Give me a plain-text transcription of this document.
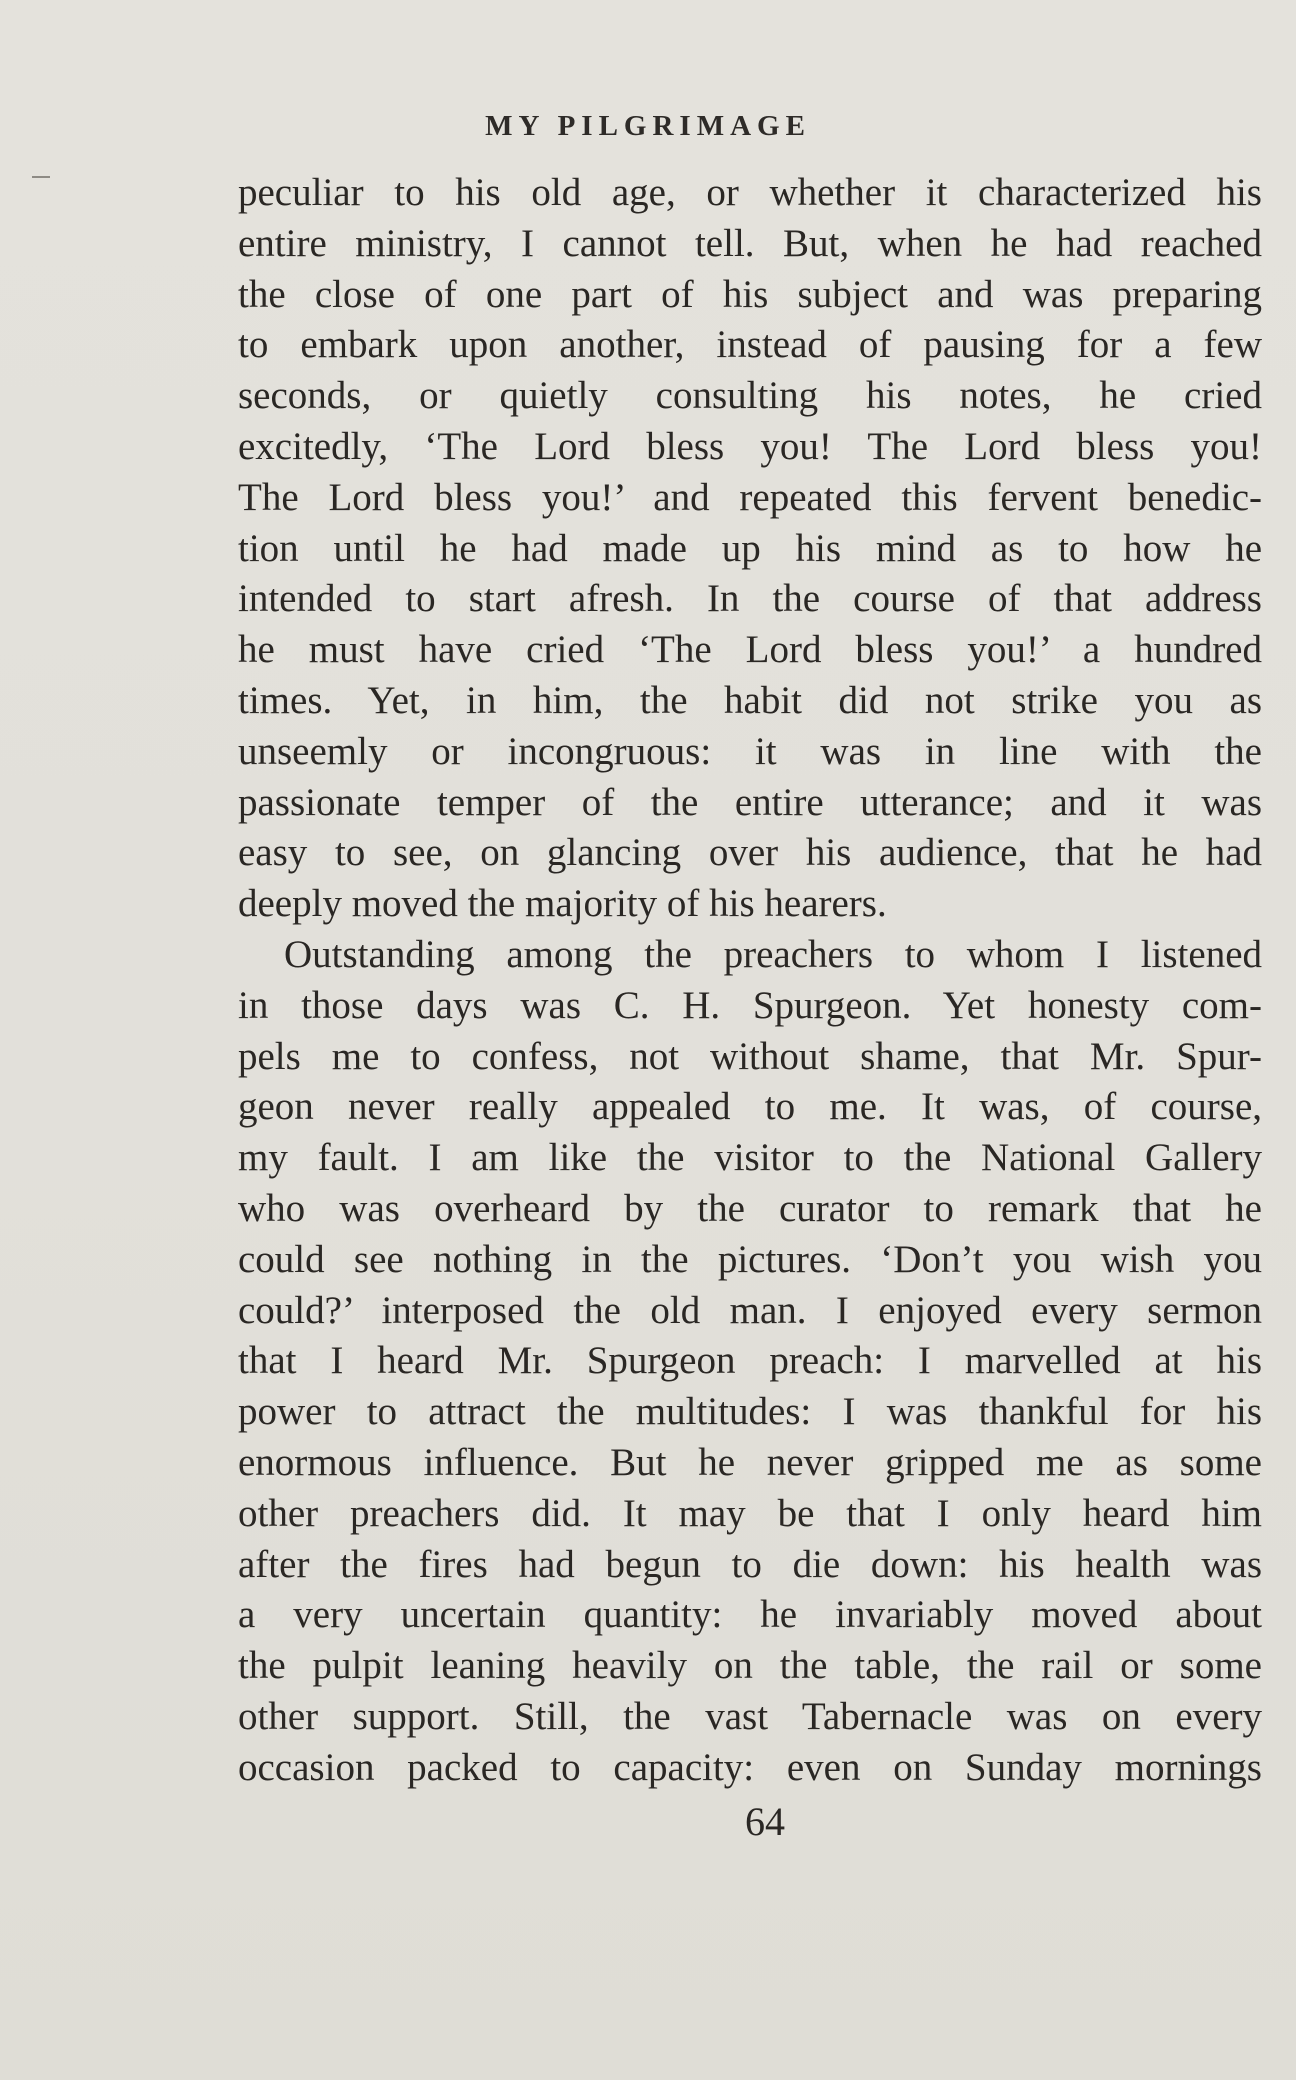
MY PILGRIMAGE
peculiar to his old age, or whether it characterized his
entire ministry, I cannot tell. But, when he had reached
the close of one part of his subject and was preparing
to embark upon another, instead of pausing for a few
seconds, or quietly consulting his notes, he cried
excitedly, ‘The Lord bless you! The Lord bless you!
The Lord bless you!’ and repeated this fervent benedic-
tion until he had made up his mind as to how he
intended to start afresh. In the course of that address
he must have cried ‘The Lord bless you!’ a hundred
times. Yet, in him, the habit did not strike you as
unseemly or incongruous: it was in line with the
passionate temper of the entire utterance; and it was
easy to see, on glancing over his audience, that he had
deeply moved the majority of his hearers.
Outstanding among the preachers to whom I listened
in those days was C. H. Spurgeon. Yet honesty com-
pels me to confess, not without shame, that Mr. Spur-
geon never really appealed to me. It was, of course,
my fault. I am like the visitor to the National Gallery
who was overheard by the curator to remark that he
could see nothing in the pictures. ‘Don’t you wish you
could?’ interposed the old man. I enjoyed every sermon
that I heard Mr. Spurgeon preach: I marvelled at his
power to attract the multitudes: I was thankful for his
enormous influence. But he never gripped me as some
other preachers did. It may be that I only heard him
after the fires had begun to die down: his health was
a very uncertain quantity: he invariably moved about
the pulpit leaning heavily on the table, the rail or some
other support. Still, the vast Tabernacle was on every
occasion packed to capacity: even on Sunday mornings
64
